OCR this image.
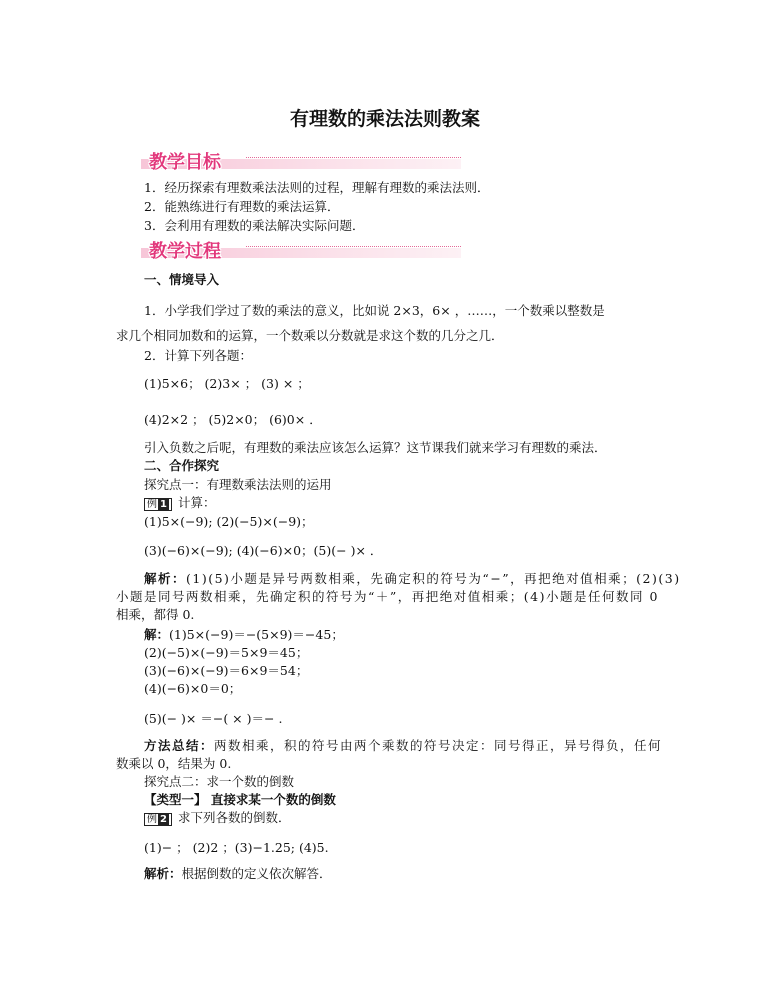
有理数的乘法法则教案
教学目标
1．经历探索有理数乘法法则的过程，理解有理数的乘法法则．
2．能熟练进行有理数的乘法运算．
3．会利用有理数的乘法解决实际问题．
教学过程
一、情境导入
1．小学我们学过了数的乘法的意义，比如说 2×3，6× ，……，一个数乘以整数是
求几个相同加数和的运算，一个数乘以分数就是求这个数的几分之几．
2．计算下列各题：
(1)5×6； (2)3× ； (3) × ；
(4)2×2 ； (5)2×0； (6)0× ．
引入负数之后呢，有理数的乘法应该怎么运算？这节课我们就来学习有理数的乘法．
二、合作探究
探究点一：有理数乘法法则的运用
例 1 计算：
(1)5×(−9); (2)(−5)×(−9)；
(3)(−6)×(−9); (4)(−6)×0；(5)(− )× ．
解析：(1)(5)小题是异号两数相乘，先确定积的符号为“−”，再把绝对值相乘；(2)(3)
小题是同号两数相乘，先确定积的符号为“＋”，再把绝对值相乘；(4)小题是任何数同 0
相乘，都得 0.
解：(1)5×(−9)＝−(5×9)＝−45；
(2)(−5)×(−9)＝5×9＝45；
(3)(−6)×(−9)＝6×9＝54；
(4)(−6)×0＝0；
(5)(− )× ＝−( × )＝− .
方法总结：两数相乘，积的符号由两个乘数的符号决定：同号得正，异号得负，任何
数乘以 0，结果为 0.
探究点二：求一个数的倒数
【类型一】 直接求某一个数的倒数
例 2 求下列各数的倒数．
(1)− ； (2)2 ；(3)−1.25; (4)5.
解析：根据倒数的定义依次解答．
